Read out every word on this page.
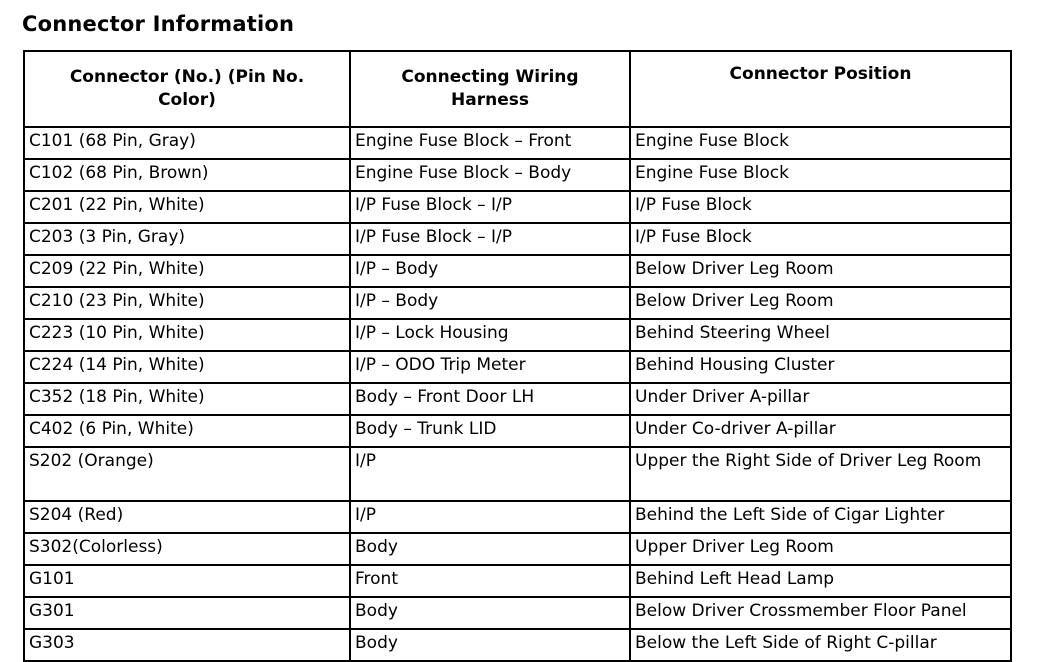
Connector Information
Connector (No.) (Pin No. Color)	Connecting Wiring Harness	Connector Position
C101 (68 Pin, Gray)	Engine Fuse Block – Front	Engine Fuse Block
C102 (68 Pin, Brown)	Engine Fuse Block – Body	Engine Fuse Block
C201 (22 Pin, White)	I/P Fuse Block – I/P	I/P Fuse Block
C203 (3 Pin, Gray)	I/P Fuse Block – I/P	I/P Fuse Block
C209 (22 Pin, White)	I/P – Body	Below Driver Leg Room
C210 (23 Pin, White)	I/P – Body	Below Driver Leg Room
C223 (10 Pin, White)	I/P – Lock Housing	Behind Steering Wheel
C224 (14 Pin, White)	I/P – ODO Trip Meter	Behind Housing Cluster
C352 (18 Pin, White)	Body – Front Door LH	Under Driver A-pillar
C402 (6 Pin, White)	Body – Trunk LID	Under Co-driver A-pillar
S202 (Orange)	I/P	Upper the Right Side of Driver Leg Room
S204 (Red)	I/P	Behind the Left Side of Cigar Lighter
S302(Colorless)	Body	Upper Driver Leg Room
G101	Front	Behind Left Head Lamp
G301	Body	Below Driver Crossmember Floor Panel
G303	Body	Below the Left Side of Right C-pillar
